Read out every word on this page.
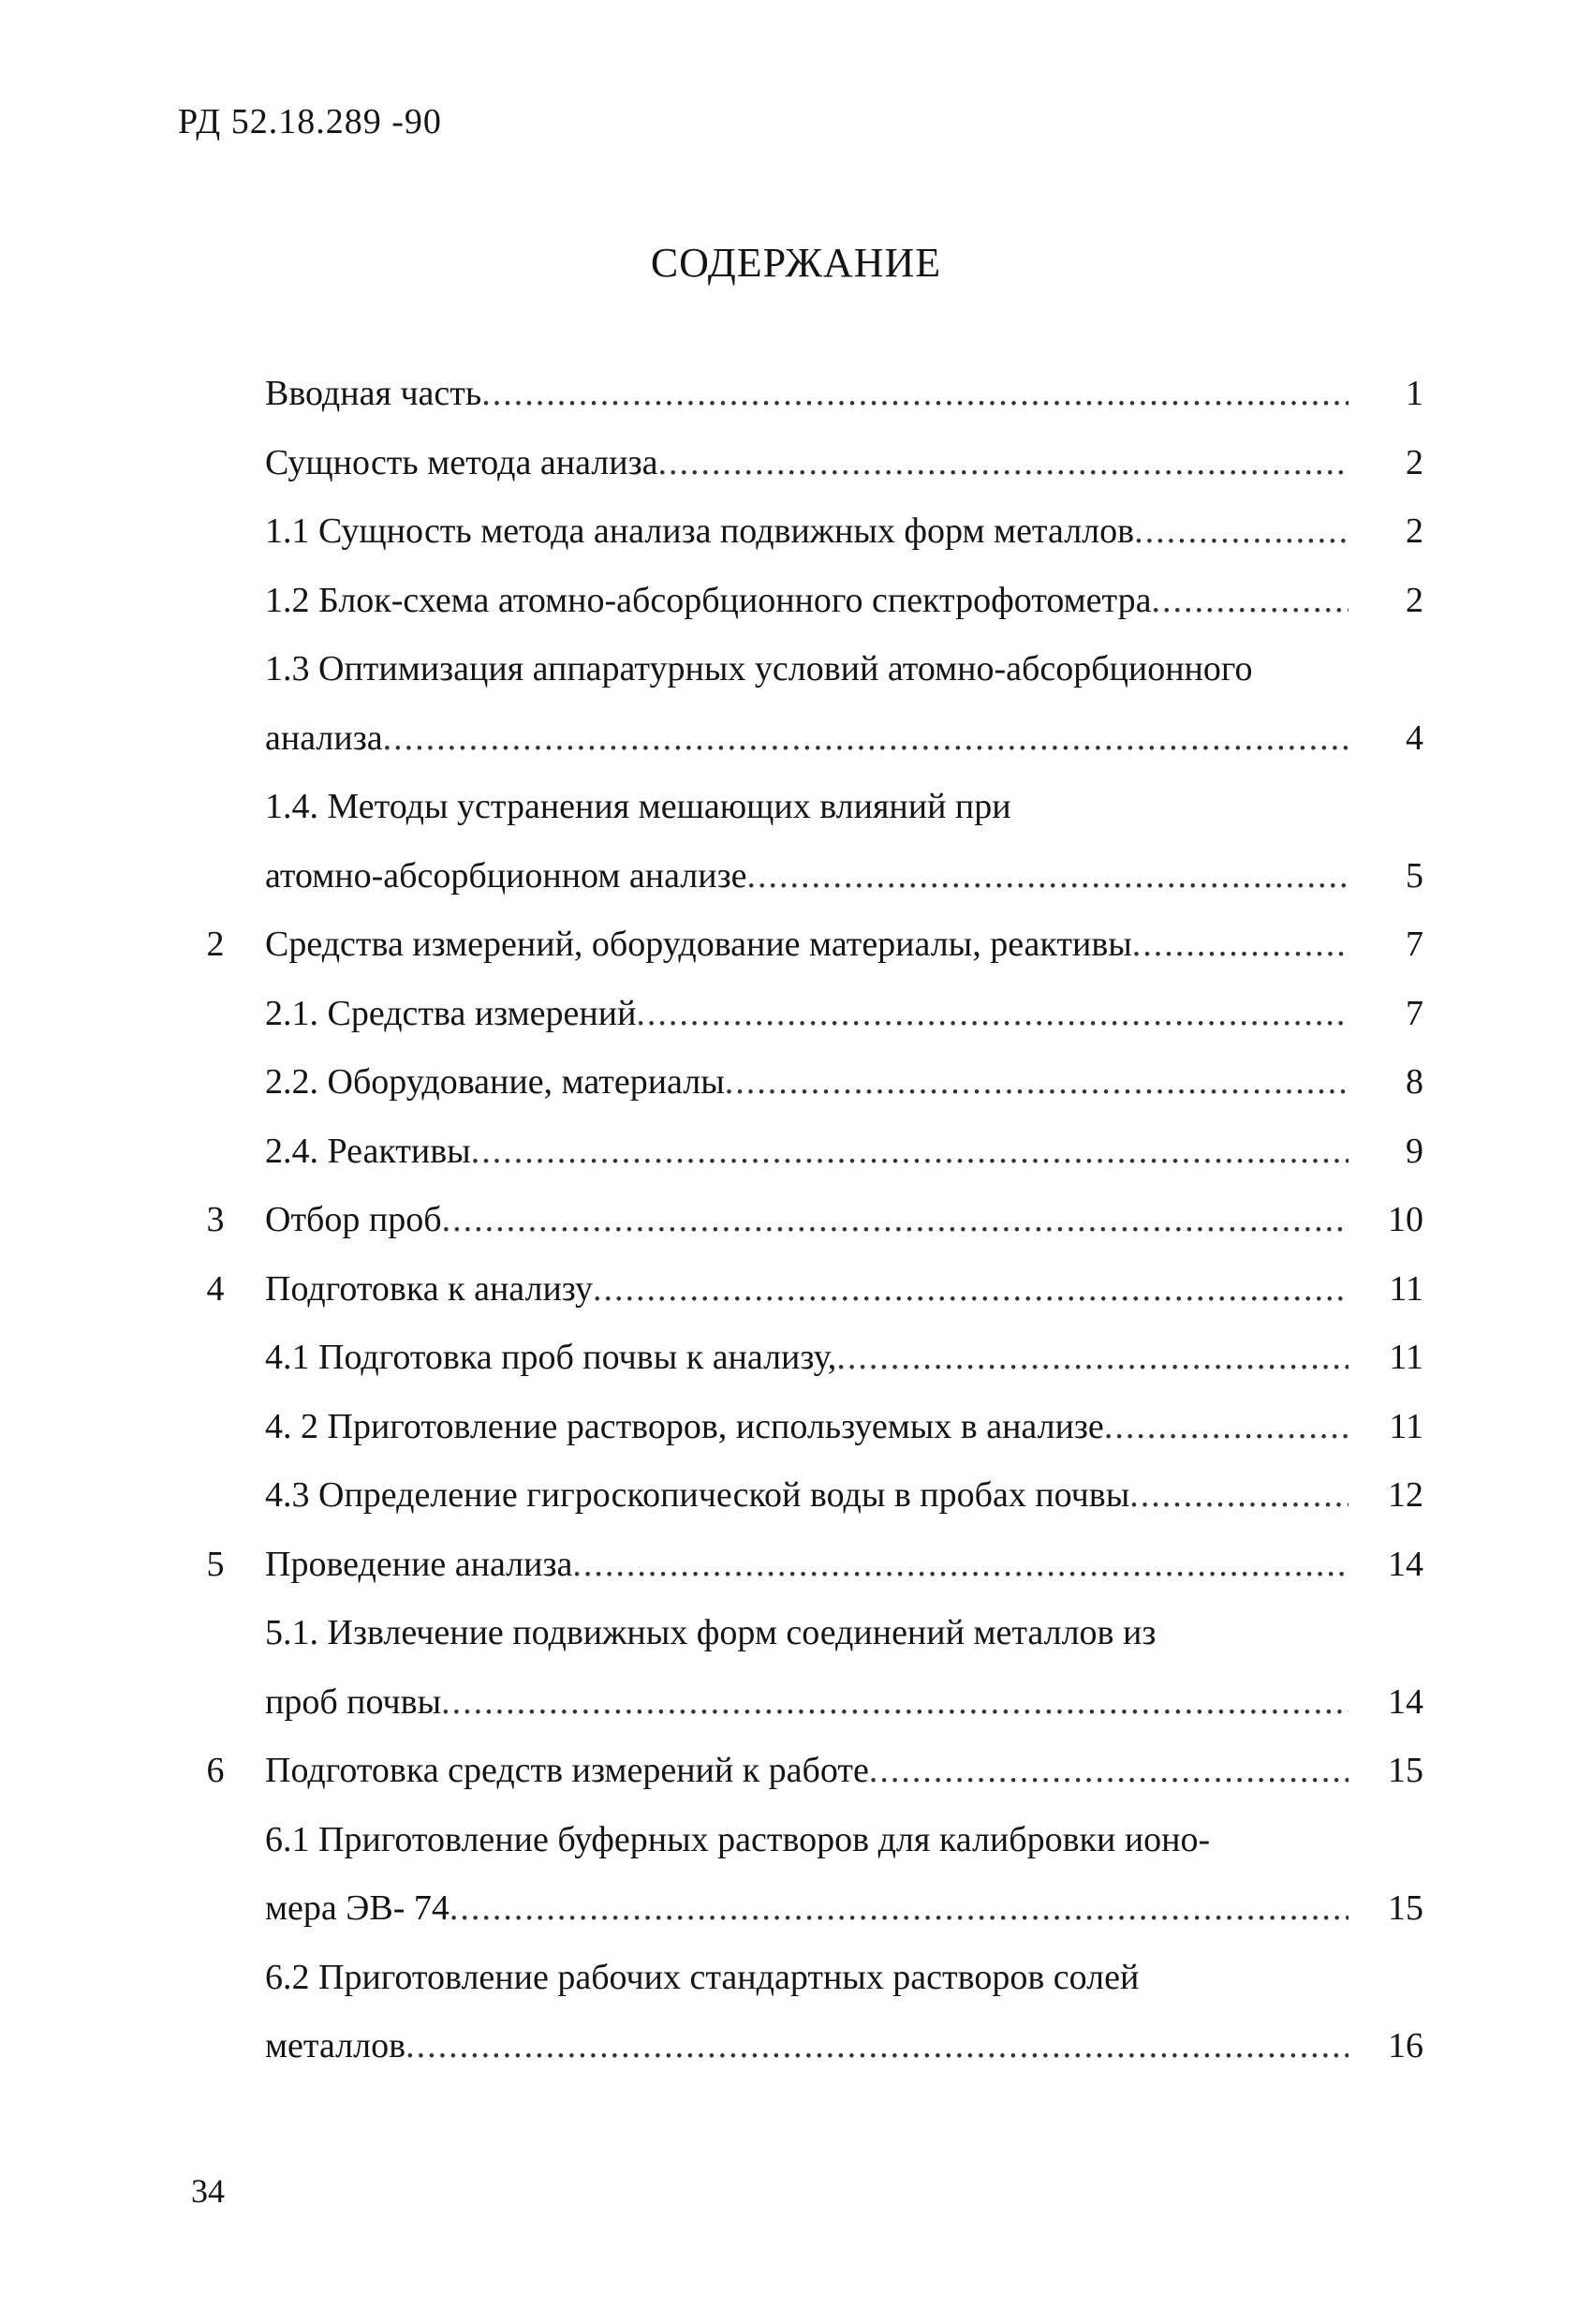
РД 52.18.289 -90
СОДЕРЖАНИЕ
Вводная часть .....	1
Сущность метода анализа .....	2
1.1 Сущность метода анализа подвижных форм металлов .....	2
1.2 Блок-схема атомно-абсорбционного спектрофотометра .....	2
1.3 Оптимизация аппаратурных условий атомно-абсорбционного
анализа .....	4
1.4. Методы устранения мешающих влияний при
атомно-абсорбционном анализе .....	5
2	Средства измерений, оборудование материалы, реактивы .....	7
2.1. Средства измерений .....	7
2.2. Оборудование, материалы .....	8
2.4. Реактивы .....	9
3	Отбор проб .....	10
4	Подготовка к анализу .....	11
4.1 Подготовка проб почвы к анализу, .....	11
4. 2 Приготовление растворов, используемых в анализе .....	11
4.3 Определение гигроскопической воды в пробах почвы .....	12
5	Проведение анализа .....	14
5.1. Извлечение подвижных форм соединений металлов из
проб почвы .....	14
6	Подготовка средств измерений к работе .....	15
6.1 Приготовление буферных растворов для калибровки ионо-
мера ЭВ- 74 .....	15
6.2 Приготовление рабочих стандартных растворов солей
металлов .....	16
34
